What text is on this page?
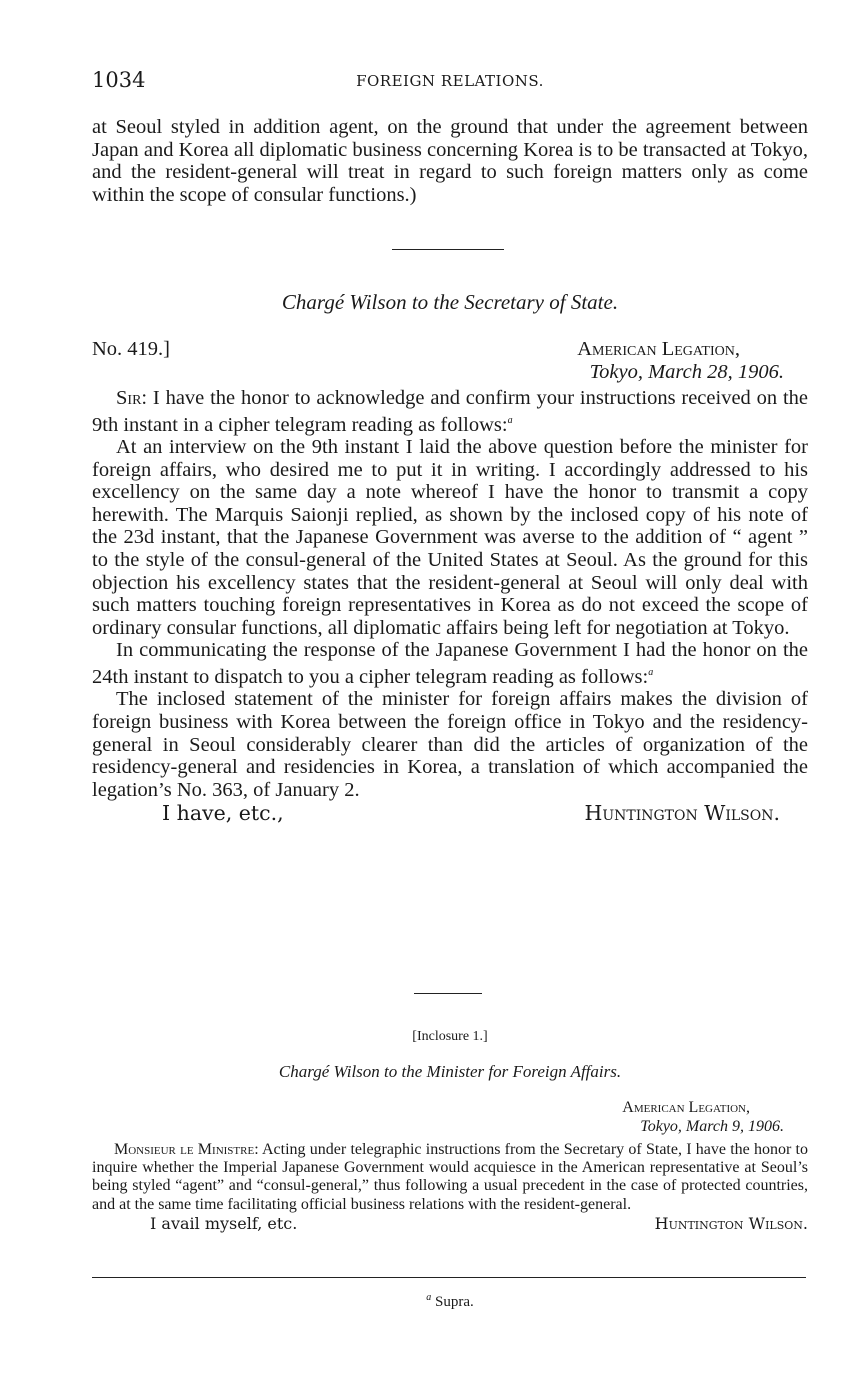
1034	FOREIGN RELATIONS.

at Seoul styled in addition agent, on the ground that under the agreement between Japan and Korea all diplomatic business concerning Korea is to be transacted at Tokyo, and the resident-general will treat in regard to such foreign matters only as come within the scope of consular functions.)

Chargé Wilson to the Secretary of State.
No. 419.]	American Legation,
Tokyo, March 28, 1906.

Sir: I have the honor to acknowledge and confirm your instructions received on the 9th instant in a cipher telegram reading as follows:$^a$

At an interview on the 9th instant I laid the above question before the minister for foreign affairs, who desired me to put it in writing. I accordingly addressed to his excellency on the same day a note whereof I have the honor to transmit a copy herewith. The Marquis Saionji replied, as shown by the inclosed copy of his note of the 23d instant, that the Japanese Government was averse to the addition of “ agent ” to the style of the consul-general of the United States at Seoul. As the ground for this objection his excellency states that the resident-general at Seoul will only deal with such matters touching foreign representatives in Korea as do not exceed the scope of ordinary consular functions, all diplomatic affairs being left for negotiation at Tokyo.

In communicating the response of the Japanese Government I had the honor on the 24th instant to dispatch to you a cipher telegram reading as follows:$^a$

The inclosed statement of the minister for foreign affairs makes the division of foreign business with Korea between the foreign office in Tokyo and the residency-general in Seoul considerably clearer than did the articles of organization of the residency-general and residencies in Korea, a translation of which accompanied the legation’s No. 363, of January 2.

I have, etc.,	Huntington Wilson.
[Inclosure 1.]
Chargé Wilson to the Minister for Foreign Affairs.
American Legation,
Tokyo, March 9, 1906.

Monsieur le Ministre: Acting under telegraphic instructions from the Secretary of State, I have the honor to inquire whether the Imperial Japanese Government would acquiesce in the American representative at Seoul’s being styled “agent” and “consul-general,” thus following a usual precedent in the case of protected countries, and at the same time facilitating official business relations with the resident-general.

I avail myself, etc.	Huntington Wilson.
$^a$ Supra.
